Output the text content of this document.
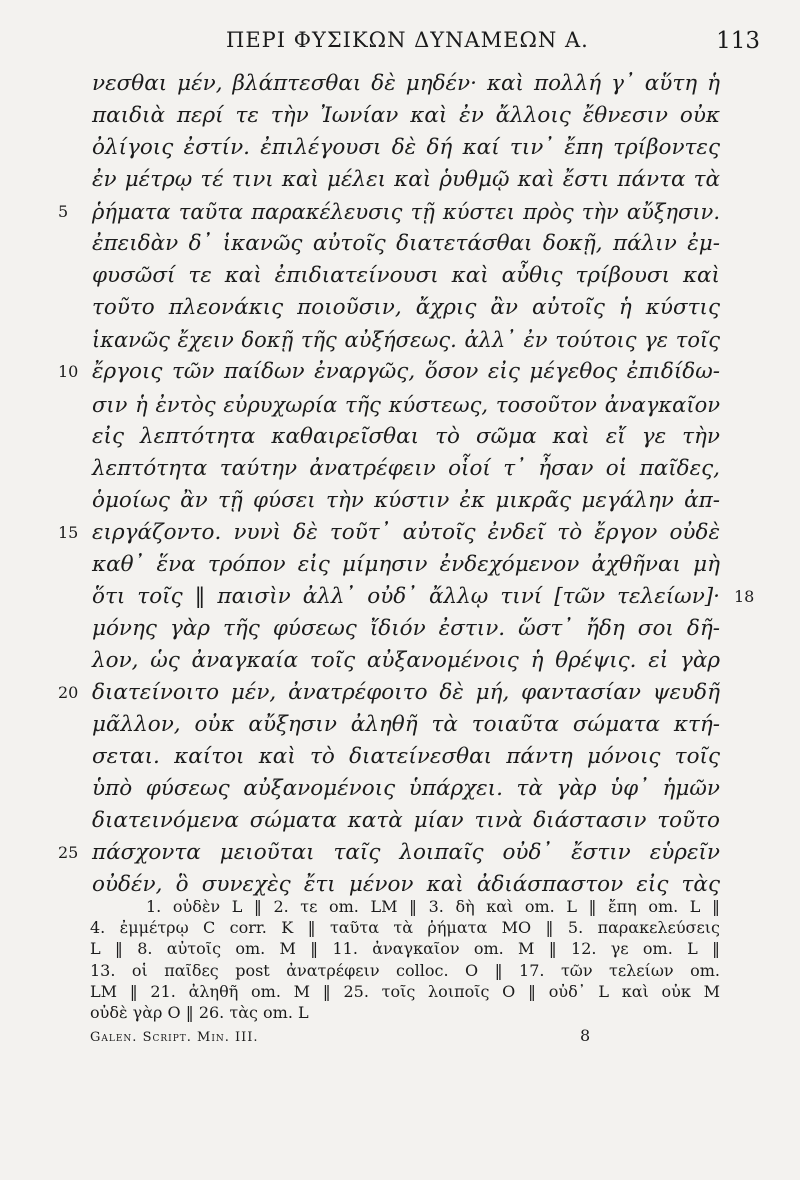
ΠΕΡΙ ΦΥΣΙΚΩΝ ΔΥΝΑΜΕΩΝ Α.	113
νεσθαι μέν, βλάπτεσθαι δὲ μηδέν· καὶ πολλή γ᾽ αὕτη ἡ
παιδιὰ περί τε τὴν Ἰωνίαν καὶ ἐν ἄλλοις ἔθνεσιν οὐκ
ὀλίγοις ἐστίν. ἐπιλέγουσι δὲ δή καί τιν᾽ ἔπη τρίβοντες
ἐν μέτρῳ τέ τινι καὶ μέλει καὶ ῥυθμῷ καὶ ἔστι πάντα τὰ
5	ῥήματα ταῦτα παρακέλευσις τῇ κύστει πρὸς τὴν αὔξησιν.
ἐπειδὰν δ᾽ ἱκανῶς αὐτοῖς διατετάσθαι δοκῇ, πάλιν ἐμ-
φυσῶσί τε καὶ ἐπιδιατείνουσι καὶ αὖθις τρίβουσι καὶ
τοῦτο πλεονάκις ποιοῦσιν, ἄχρις ἂν αὐτοῖς ἡ κύστις
ἱκανῶς ἔχειν δοκῇ τῆς αὐξήσεως. ἀλλ᾽ ἐν τούτοις γε τοῖς
10 ἔργοις τῶν παίδων ἐναργῶς, ὅσον εἰς μέγεθος ἐπιδίδω-
σιν ἡ ἐντὸς εὐρυχωρία τῆς κύστεως, τοσοῦτον ἀναγκαῖον
εἰς λεπτότητα καθαιρεῖσθαι τὸ σῶμα καὶ εἴ γε τὴν
λεπτότητα ταύτην ἀνατρέφειν οἷοί τ᾽ ἦσαν οἱ παῖδες,
ὁμοίως ἂν τῇ φύσει τὴν κύστιν ἐκ μικρᾶς μεγάλην ἀπ-
15 ειργάζοντο. νυνὶ δὲ τοῦτ᾽ αὐτοῖς ἐνδεῖ τὸ ἔργον οὐδὲ
καθ᾽ ἕνα τρόπον εἰς μίμησιν ἐνδεχόμενον ἀχθῆναι μὴ
ὅτι τοῖς ‖ παισὶν ἀλλ᾽ οὐδ᾽ ἄλλῳ τινί [τῶν τελείων]· 18
μόνης γὰρ τῆς φύσεως ἴδιόν ἐστιν. ὥστ᾽ ἤδη σοι δῆ-
λον, ὡς ἀναγκαία τοῖς αὐξανομένοις ἡ θρέψις. εἰ γὰρ
20 διατείνοιτο μέν, ἀνατρέφοιτο δὲ μή, φαντασίαν ψευδῆ
μᾶλλον, οὐκ αὔξησιν ἀληθῆ τὰ τοιαῦτα σώματα κτή-
σεται. καίτοι καὶ τὸ διατείνεσθαι πάντη μόνοις τοῖς
ὑπὸ φύσεως αὐξανομένοις ὑπάρχει. τὰ γὰρ ὑφ᾽ ἡμῶν
διατεινόμενα σώματα κατὰ μίαν τινὰ διάστασιν τοῦτο
25 πάσχοντα μειοῦται ταῖς λοιπαῖς οὐδ᾽ ἔστιν εὑρεῖν
οὐδέν, ὃ συνεχὲς ἔτι μένον καὶ ἀδιάσπαστον εἰς τὰς
1. οὐδὲν L ‖ 2. τε om. LM ‖ 3. δὴ καὶ om. L ‖ ἔπη om. L ‖
4. ἐμμέτρῳ C corr. K ‖ ταῦτα τὰ ῥήματα MO ‖ 5. παρακελεύσεις
L ‖ 8. αὐτοῖς om. M ‖ 11. ἀναγκαῖον om. M ‖ 12. γε om. L ‖
13. οἱ παῖδες post ἀνατρέφειν colloc. O ‖ 17. τῶν τελείων om.
LM ‖ 21. ἀληθῆ om. M ‖ 25. τοῖς λοιποῖς O ‖ οὐδ᾽ L καὶ οὐκ M
οὐδὲ γὰρ O ‖ 26. τὰς om. L
Galen. Script. Min. III.	8
